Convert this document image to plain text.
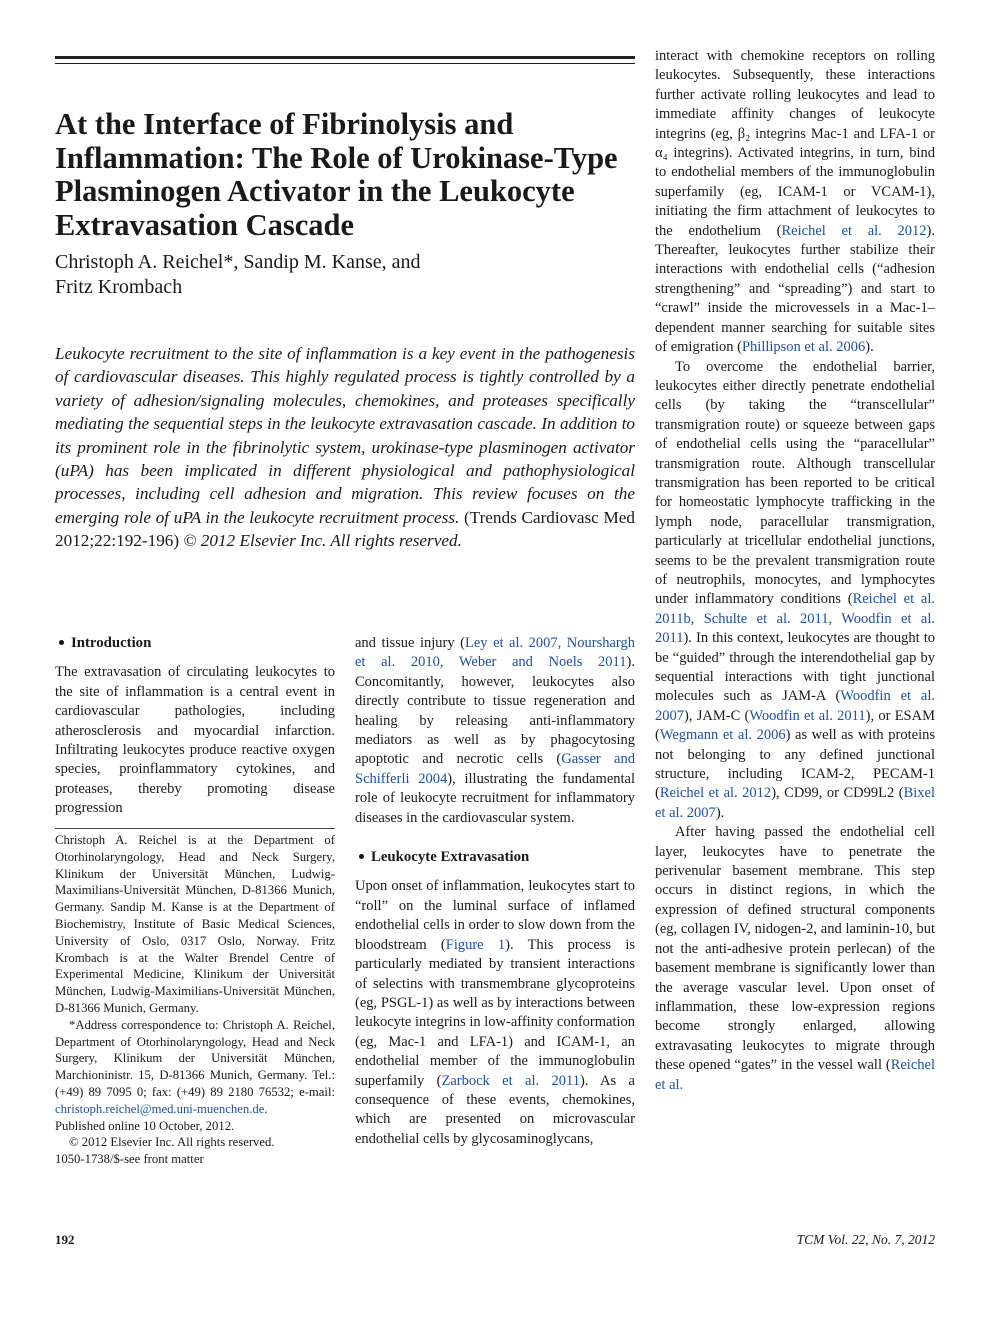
At the Interface of Fibrinolysis and Inflammation: The Role of Urokinase-Type Plasminogen Activator in the Leukocyte Extravasation Cascade
Christoph A. Reichel*, Sandip M. Kanse, and
Fritz Krombach
Leukocyte recruitment to the site of inflammation is a key event in the pathogenesis of cardiovascular diseases. This highly regulated process is tightly controlled by a variety of adhesion/signaling molecules, chemokines, and proteases specifically mediating the sequential steps in the leukocyte extravasation cascade. In addition to its prominent role in the fibrinolytic system, urokinase-type plasminogen activator (uPA) has been implicated in different physiological and pathophysiological processes, including cell adhesion and migration. This review focuses on the emerging role of uPA in the leukocyte recruitment process. (Trends Cardiovasc Med 2012;22:192-196) © 2012 Elsevier Inc. All rights reserved.

Introduction

The extravasation of circulating leukocytes to the site of inflammation is a central event in cardiovascular pathologies, including atherosclerosis and myocardial infarction. Infiltrating leukocytes produce reactive oxygen species, proinflammatory cytokines, and proteases, thereby promoting disease progression

Christoph A. Reichel is at the Department of Otorhinolaryngology, Head and Neck Surgery, Klinikum der Universität München, Ludwig-Maximilians-Universität München, D-81366 Munich, Germany. Sandip M. Kanse is at the Department of Biochemistry, Institute of Basic Medical Sciences, University of Oslo, 0317 Oslo, Norway. Fritz Krombach is at the Walter Brendel Centre of Experimental Medicine, Klinikum der Universität München, Ludwig-Maximilians-Universität München, D-81366 Munich, Germany.

*Address correspondence to: Christoph A. Reichel, Department of Otorhinolaryngology, Head and Neck Surgery, Klinikum der Universität München, Marchioninistr. 15, D-81366 Munich, Germany. Tel.: (+49) 89 7095 0; fax: (+49) 89 2180 76532; e-mail: christoph.reichel@med.uni-muenchen.de.

Published online 10 October, 2012.

© 2012 Elsevier Inc. All rights reserved.

1050-1738/$-see front matter

and tissue injury (Ley et al. 2007, Nourshargh et al. 2010, Weber and Noels 2011). Concomitantly, however, leukocytes also directly contribute to tissue regeneration and healing by releasing anti-inflammatory mediators as well as by phagocytosing apoptotic and necrotic cells (Gasser and Schifferli 2004), illustrating the fundamental role of leukocyte recruitment for inflammatory diseases in the cardiovascular system.

Leukocyte Extravasation

Upon onset of inflammation, leukocytes start to “roll” on the luminal surface of inflamed endothelial cells in order to slow down from the bloodstream (Figure 1). This process is particularly mediated by transient interactions of selectins with transmembrane glycoproteins (eg, PSGL-1) as well as by interactions between leukocyte integrins in low-affinity conformation (eg, Mac-1 and LFA-1) and ICAM-1, an endothelial member of the immunoglobulin superfamily (Zarbock et al. 2011). As a consequence of these events, chemokines, which are presented on microvascular endothelial cells by glycosaminoglycans,

interact with chemokine receptors on rolling leukocytes. Subsequently, these interactions further activate rolling leukocytes and lead to immediate affinity changes of leukocyte integrins (eg, β₂ integrins Mac-1 and LFA-1 or α₄ integrins). Activated integrins, in turn, bind to endothelial members of the immunoglobulin superfamily (eg, ICAM-1 or VCAM-1), initiating the firm attachment of leukocytes to the endothelium (Reichel et al. 2012). Thereafter, leukocytes further stabilize their interactions with endothelial cells (“adhesion strengthening” and “spreading”) and start to “crawl” inside the microvessels in a Mac-1–dependent manner searching for suitable sites of emigration (Phillipson et al. 2006).

To overcome the endothelial barrier, leukocytes either directly penetrate endothelial cells (by taking the “transcellular” transmigration route) or squeeze between gaps of endothelial cells using the “paracellular” transmigration route. Although transcellular transmigration has been reported to be critical for homeostatic lymphocyte trafficking in the lymph node, paracellular transmigration, particularly at tricellular endothelial junctions, seems to be the prevalent transmigration route of neutrophils, monocytes, and lymphocytes under inflammatory conditions (Reichel et al. 2011b, Schulte et al. 2011, Woodfin et al. 2011). In this context, leukocytes are thought to be “guided” through the interendothelial gap by sequential interactions with tight junctional molecules such as JAM-A (Woodfin et al. 2007), JAM-C (Woodfin et al. 2011), or ESAM (Wegmann et al. 2006) as well as with proteins not belonging to any defined junctional structure, including ICAM-2, PECAM-1 (Reichel et al. 2012), CD99, or CD99L2 (Bixel et al. 2007).

After having passed the endothelial cell layer, leukocytes have to penetrate the perivenular basement membrane. This step occurs in distinct regions, in which the expression of defined structural components (eg, collagen IV, nidogen-2, and laminin-10, but not the anti-adhesive protein perlecan) of the basement membrane is significantly lower than the average vascular level. Upon onset of inflammation, these low-expression regions become strongly enlarged, allowing extravasating leukocytes to migrate through these opened “gates” in the vessel wall (Reichel et al.

192	TCM Vol. 22, No. 7, 2012
